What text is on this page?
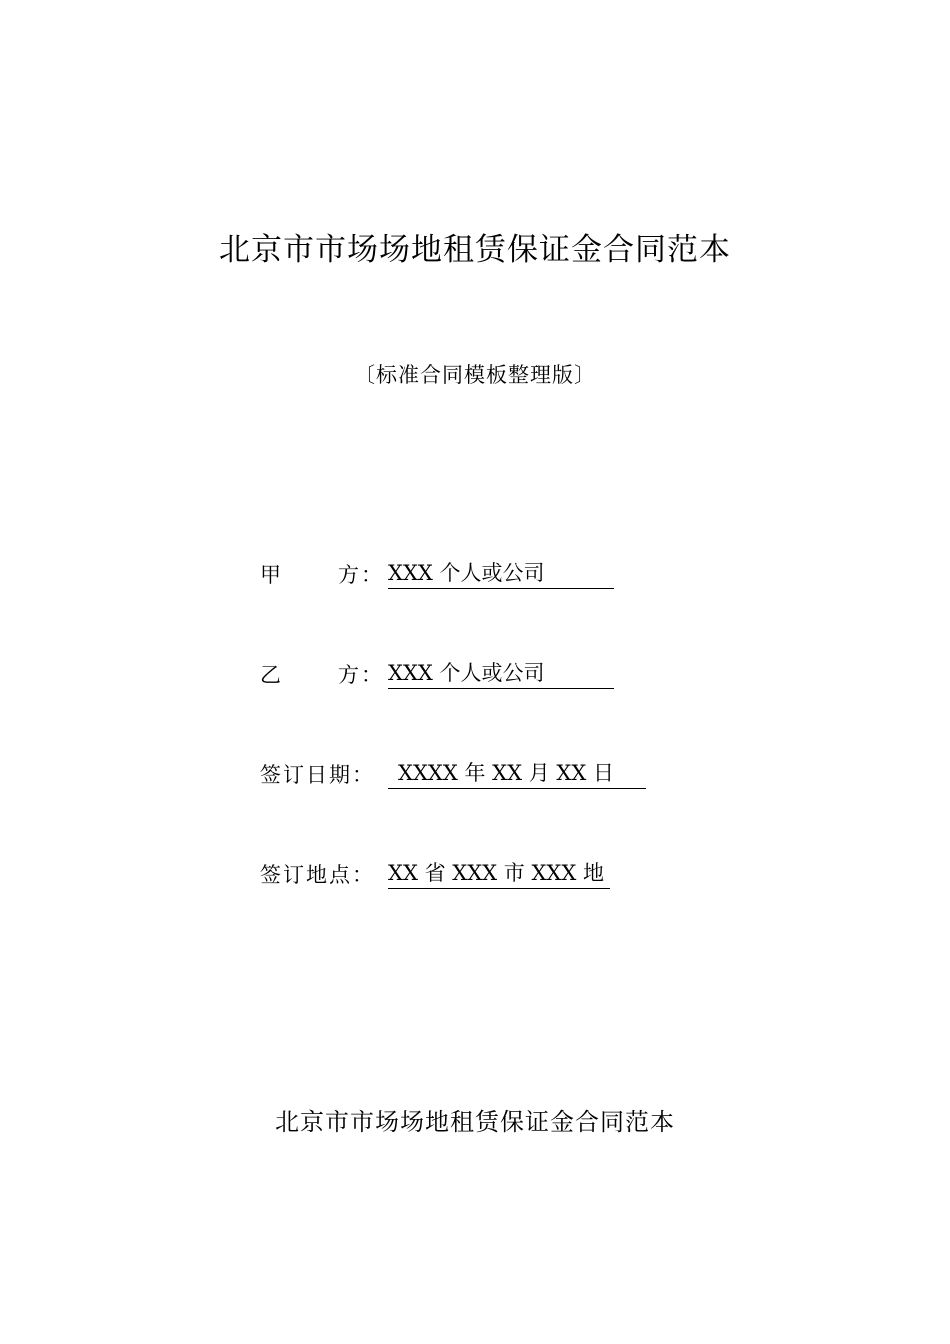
北京市市场场地租赁保证金合同范本
〔标准合同模板整理版〕
甲	方： XXX 个人或公司
乙	方： XXX 个人或公司
签订日期： XXXX 年 XX 月 XX 日
签订地点： XX 省 XXX 市 XXX 地
北京市市场场地租赁保证金合同范本
